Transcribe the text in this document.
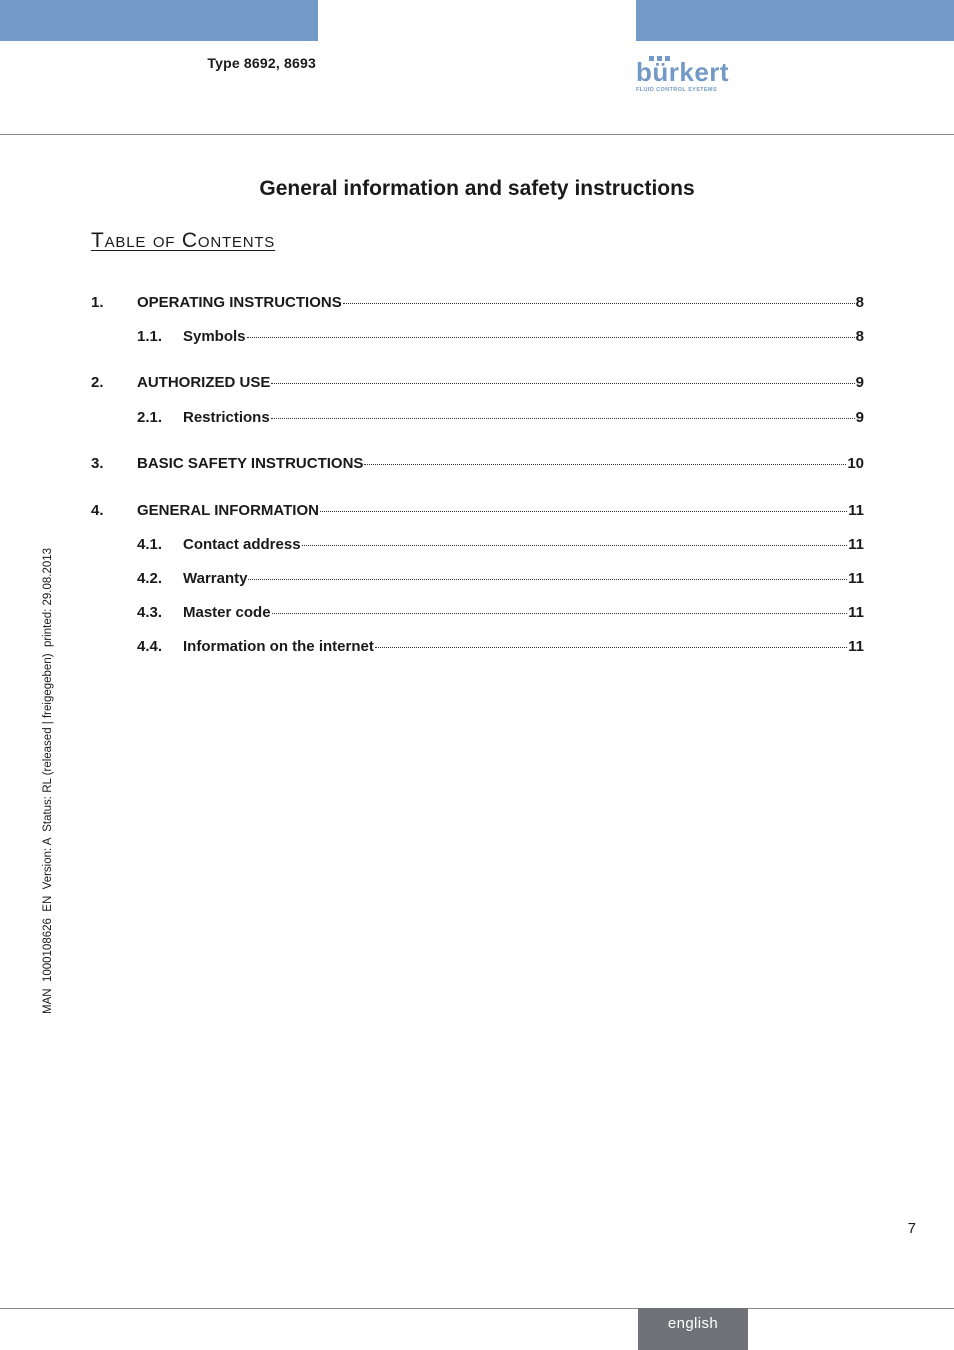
Type 8692, 8693	bürkert
FLUID CONTROL SYSTEMS
General information and safety instructions
Table of Contents
1.	OPERATING INSTRUCTIONS	8
1.1.	Symbols	8
2.	AUTHORIZED USE	9
2.1.	Restrictions	9
3.	BASIC SAFETY INSTRUCTIONS	10
4.	GENERAL INFORMATION	11
4.1.	Contact address	11
4.2.	Warranty	11
4.3.	Master code	11
4.4.	Information on the internet	11
MAN  1000108626  EN  Version: A  Status: RL (released | freigegeben)  printed: 29.08.2013
7
english
